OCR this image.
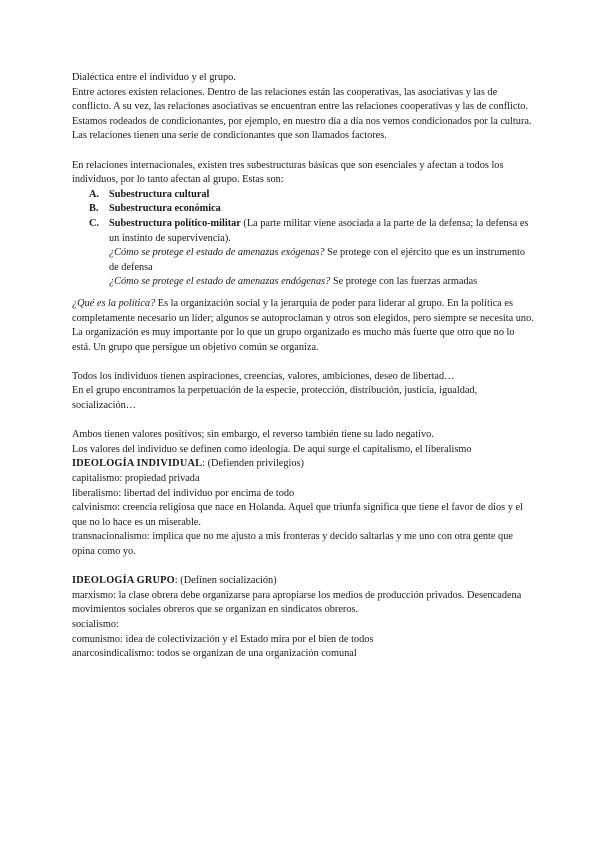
Dialéctica entre el individuo y el grupo.

Entre actores existen relaciones. Dentro de las relaciones están las cooperativas, las asociativas y las de conflicto. A su vez, las relaciones asociativas se encuentran entre las relaciones cooperativas y las de conflicto.

Estamos rodeados de condicionantes, por ejemplo, en nuestro día a día nos vemos condicionados por la cultura.

Las relaciones tienen una serie de condicionantes que son llamados factores.

En relaciones internacionales, existen tres subestructuras básicas que son esenciales y afectan a todos los individuos, por lo tanto afectan al grupo. Estas son:

A. Subestructura cultural
B. Subestructura económica
C. Subestructura político-militar (La parte militar viene asociada a la parte de la defensa; la defensa es un instinto de supervivencia).

¿Cómo se protege el estado de amenazas exógenas? Se protege con el ejército que es un instrumento de defensa

¿Cómo se protege el estado de amenazas endógenas? Se protege con las fuerzas armadas

¿Qué es la política? Es la organización social y la jerarquía de poder para liderar al grupo. En la política es completamente necesario un líder; algunos se autoproclaman y otros son elegidos, pero siempre se necesita uno.

La organización es muy importante por lo que un grupo organizado es mucho más fuerte que otro que no lo está. Un grupo que persigue un objetivo común se organiza.

Todos los individuos tienen aspiraciones, creencias, valores, ambiciones, deseo de libertad…

En el grupo encontramos la perpetuación de la especie, protección, distribución, justicia, igualdad, socialización…

Ambos tienen valores positivos; sin embargo, el reverso también tiene su lado negativo.

Los valores del individuo se definen como ideología. De aquí surge el capitalismo, el liberalismo

IDEOLOGÍA INDIVIDUAL: (Defienden privilegios)

capitalismo: propiedad privada

liberalismo: libertad del individuo por encima de todo

calvinismo: creencia religiosa que nace en Holanda. Aquel que triunfa significa que tiene el favor de dios y el que no lo hace es un miserable.

transnacionalismo: implica que no me ajusto a mis fronteras y decido saltarlas y me uno con otra gente que opina como yo.

IDEOLOGÍA GRUPO: (Defínen socialización)

marxismo: la clase obrera debe organizarse para apropiarse los medios de producción privados. Desencadena movimientos sociales obreros que se organizan en sindicatos obreros.

socialismo:

comunismo: idea de colectivización y el Estado mira por el bien de todos

anarcosindicalismo: todos se organizan de una organización comunal
